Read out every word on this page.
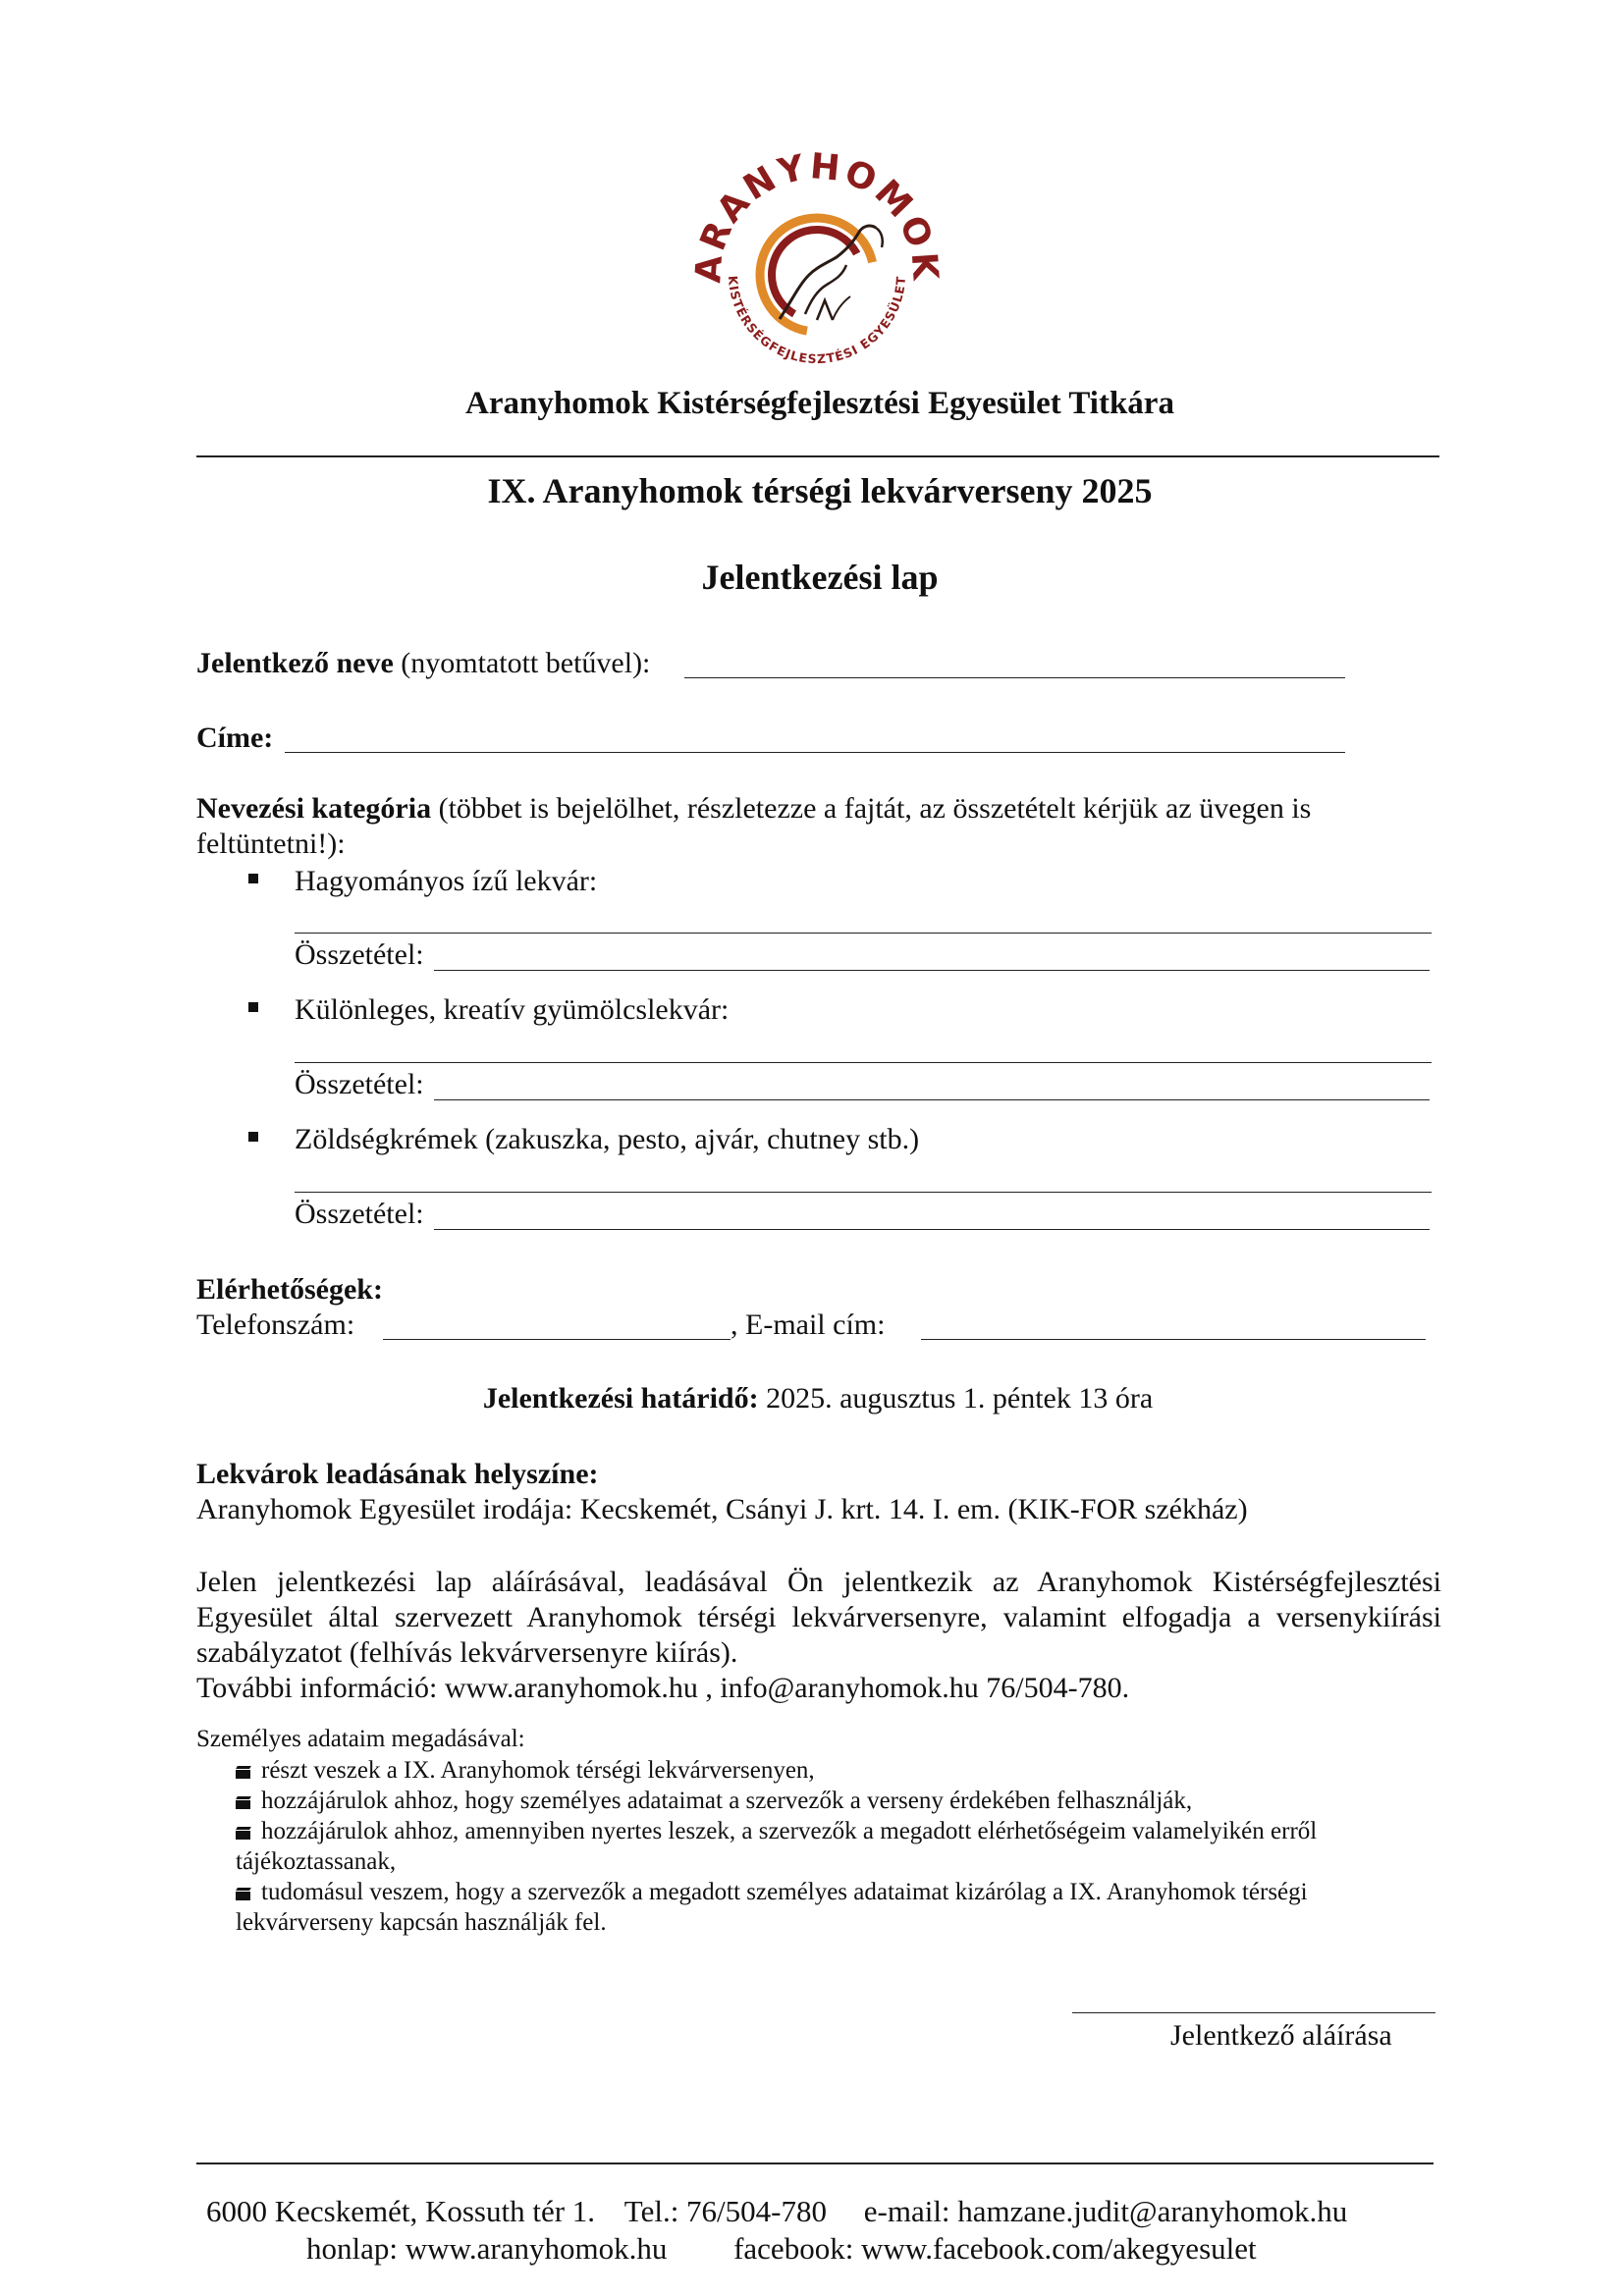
ARANYHOMOK
KISTÉRSÉGFEJLESZTÉSI EGYESÜLET
Aranyhomok Kistérségfejlesztési Egyesület Titkára
IX. Aranyhomok térségi lekvárverseny 2025
Jelentkezési lap
Jelentkező neve (nyomtatott betűvel):
Címe:
Nevezési kategória (többet is bejelölhet, részletezze a fajtát, az összetételt kérjük az üvegen is feltüntetni!):
Hagyományos ízű lekvár:
Összetétel:
Különleges, kreatív gyümölcslekvár:
Összetétel:
Zöldségkrémek (zakuszka, pesto, ajvár, chutney stb.)
Összetétel:
Elérhetőségek:
Telefonszám:	, E-mail cím:
Jelentkezési határidő: 2025. augusztus 1. péntek 13 óra
Lekvárok leadásának helyszíne:
Aranyhomok Egyesület irodája: Kecskemét, Csányi J. krt. 14. I. em. (KIK-FOR székház)
Jelen jelentkezési lap aláírásával, leadásával Ön jelentkezik az Aranyhomok Kistérségfejlesztési Egyesület által szervezett Aranyhomok térségi lekvárversenyre, valamint elfogadja a versenykiírási szabályzatot (felhívás lekvárversenyre kiírás).
További információ: www.aranyhomok.hu , info@aranyhomok.hu 76/504-780.
Személyes adataim megadásával:
részt veszek a IX. Aranyhomok térségi lekvárversenyen,
hozzájárulok ahhoz, hogy személyes adataimat a szervezők a verseny érdekében felhasználják,
hozzájárulok ahhoz, amennyiben nyertes leszek, a szervezők a megadott elérhetőségeim valamelyikén erről tájékoztassanak,
tudomásul veszem, hogy a szervezők a megadott személyes adataimat kizárólag a IX. Aranyhomok térségi lekvárverseny kapcsán használják fel.
Jelentkező aláírása
6000 Kecskemét, Kossuth tér 1. Tel.: 76/504-780 e-mail: hamzane.judit@aranyhomok.hu
honlap: www.aranyhomok.hu facebook: www.facebook.com/akegyesulet
